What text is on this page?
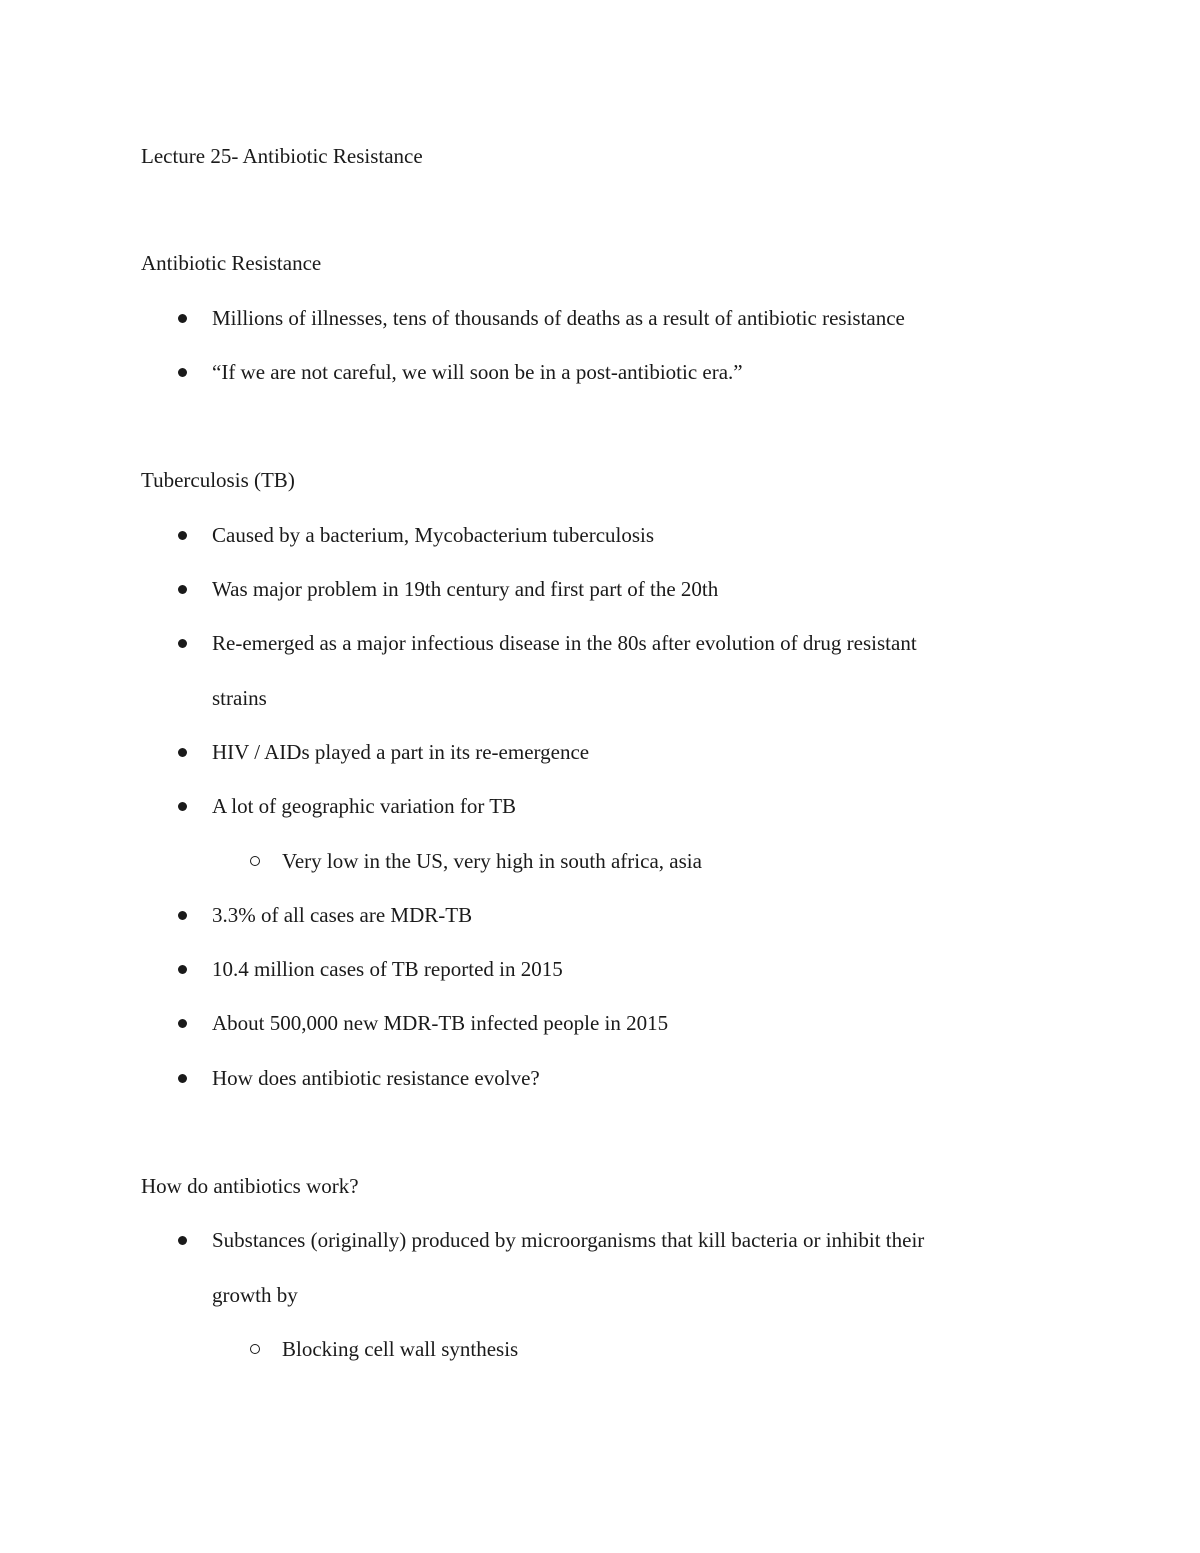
Lecture 25- Antibiotic Resistance
Antibiotic Resistance
Millions of illnesses, tens of thousands of deaths as a result of antibiotic resistance
“If we are not careful, we will soon be in a post-antibiotic era.”
Tuberculosis (TB)
Caused by a bacterium, Mycobacterium tuberculosis
Was major problem in 19th century and first part of the 20th
Re-emerged as a major infectious disease in the 80s after evolution of drug resistant
strains
HIV / AIDs played a part in its re-emergence
A lot of geographic variation for TB
Very low in the US, very high in south africa, asia
3.3% of all cases are MDR-TB
10.4 million cases of TB reported in 2015
About 500,000 new MDR-TB infected people in 2015
How does antibiotic resistance evolve?
How do antibiotics work?
Substances (originally) produced by microorganisms that kill bacteria or inhibit their
growth by
Blocking cell wall synthesis
